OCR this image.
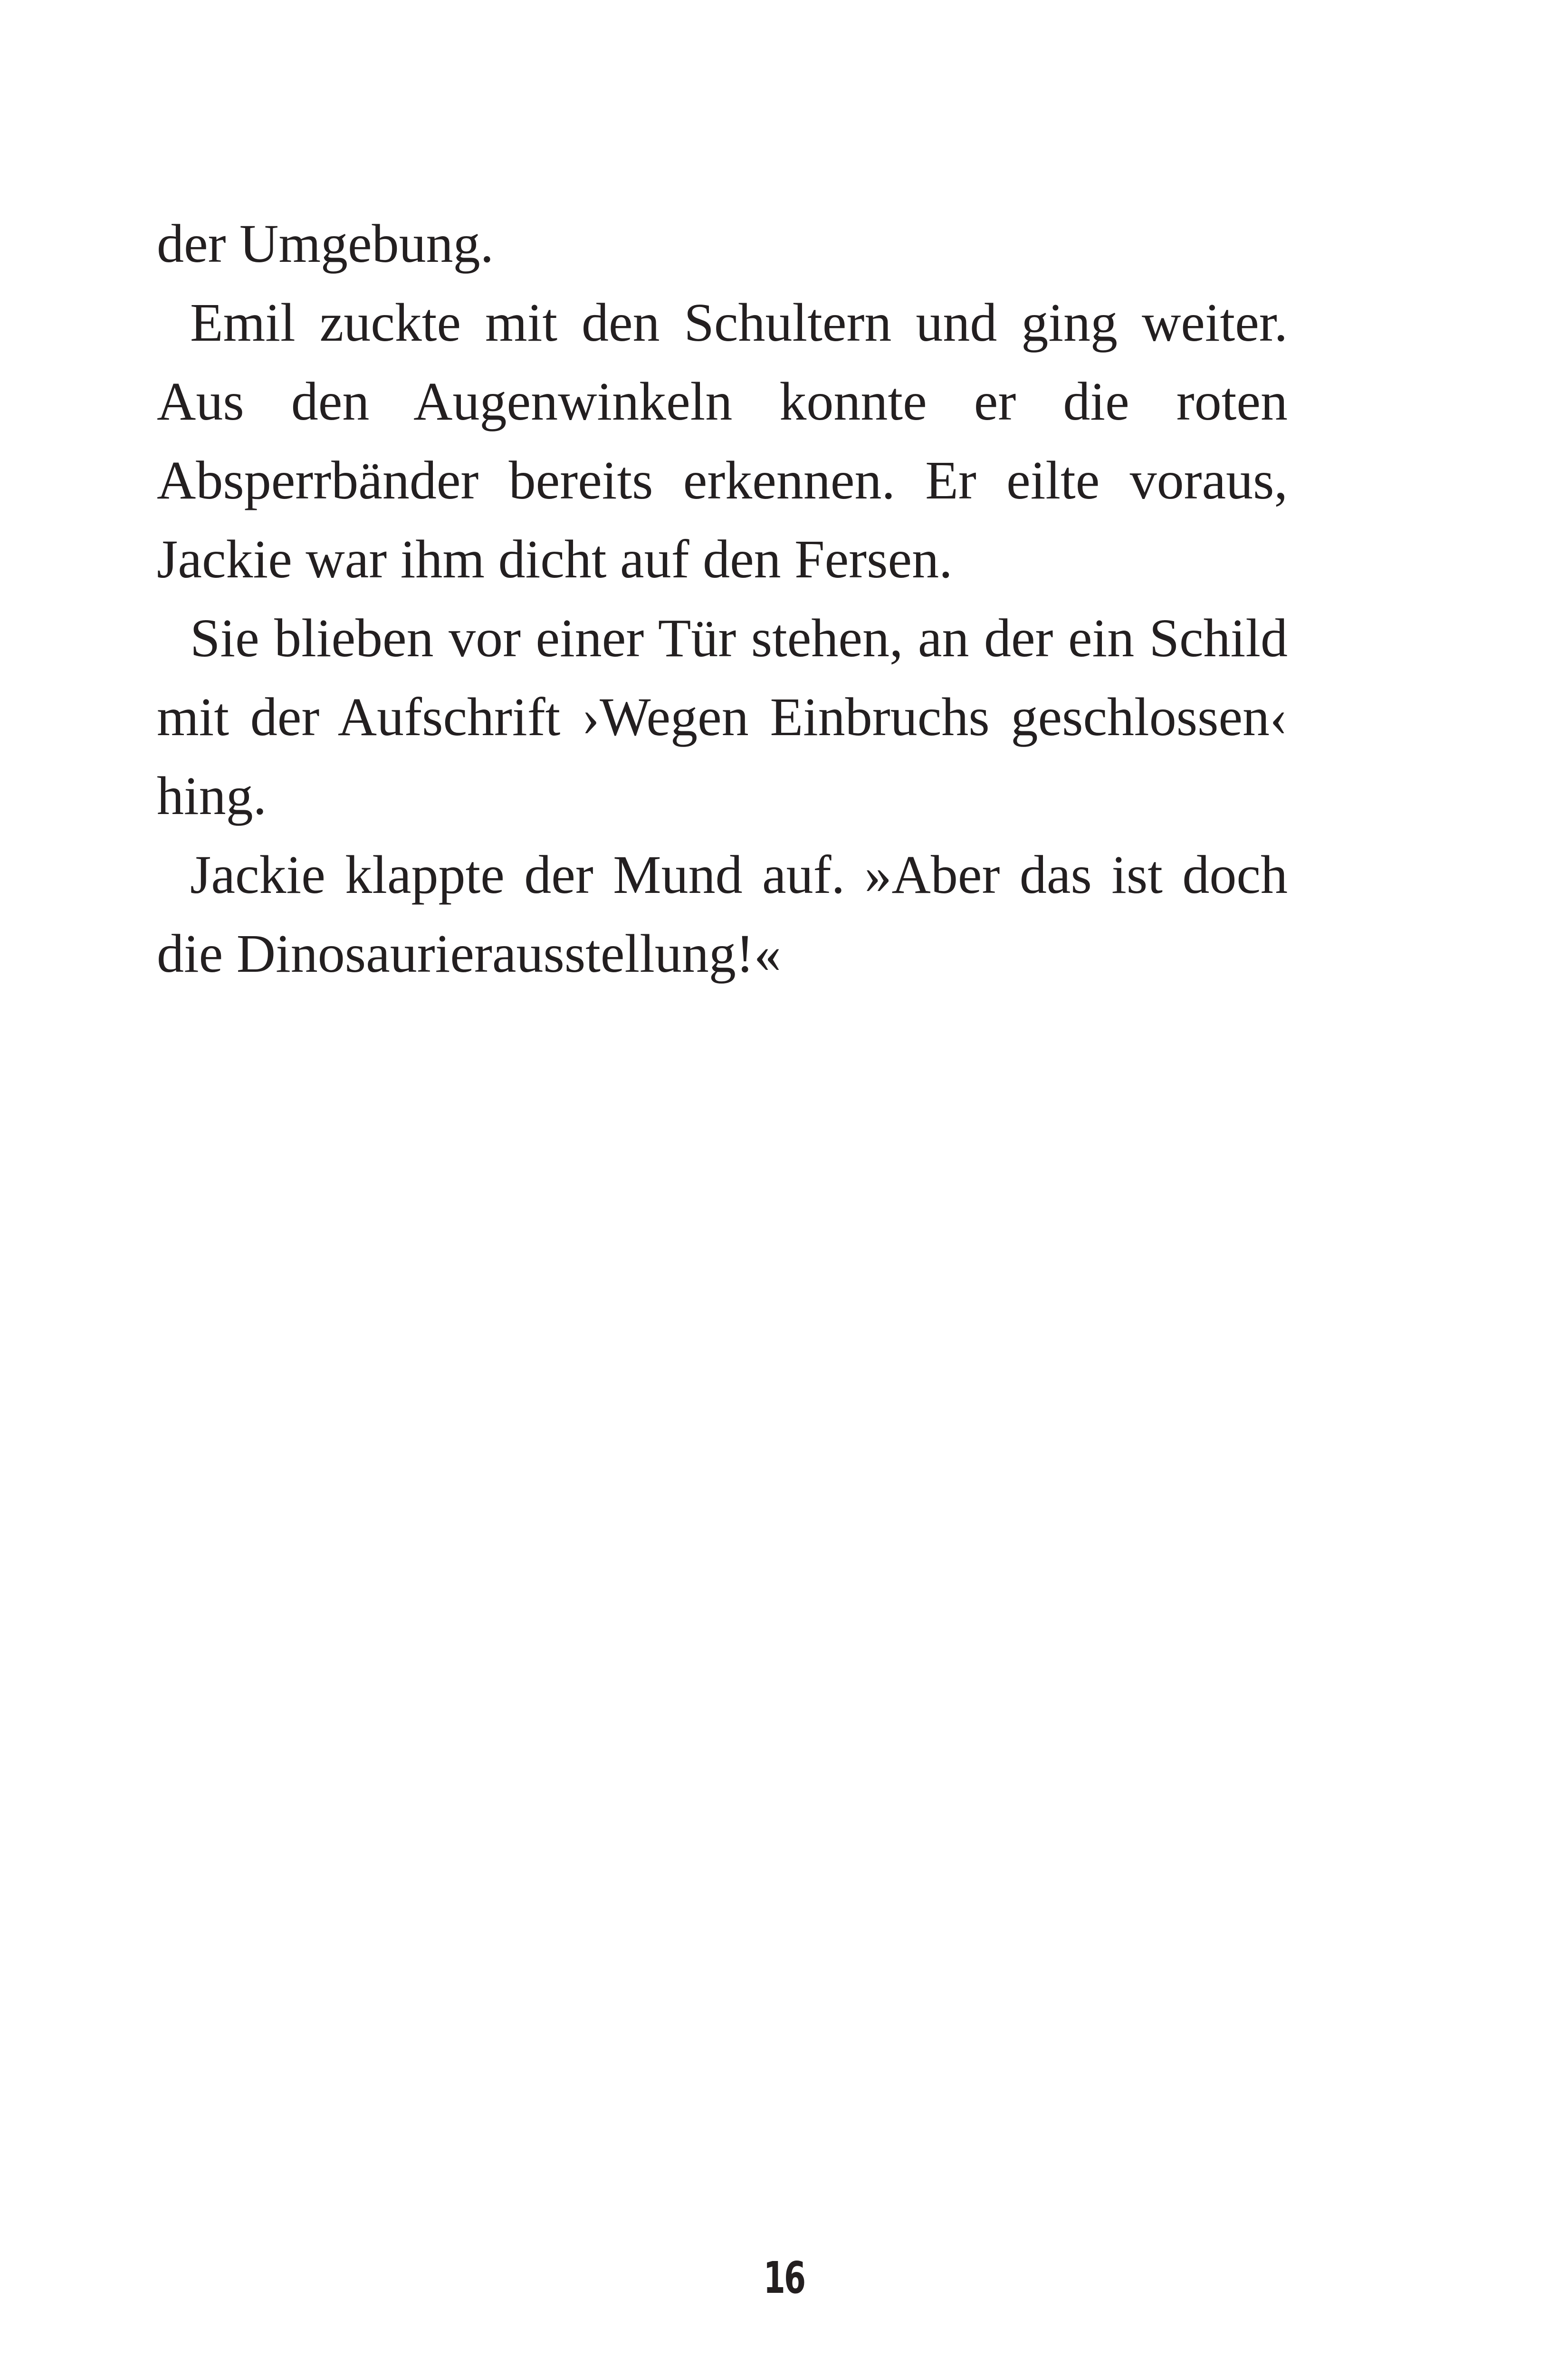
der Umgebung.

Emil zuckte mit den Schultern und ging weiter. Aus den Augenwinkeln konnte er die roten Absperrbänder bereits erkennen. Er eilte voraus, Jackie war ihm dicht auf den Fersen.

Sie blieben vor einer Tür stehen, an der ein Schild mit der Aufschrift ›Wegen Einbruchs geschlossen‹ hing.

Jackie klappte der Mund auf. »Aber das ist doch die Dinosaurierausstellung!«

16
